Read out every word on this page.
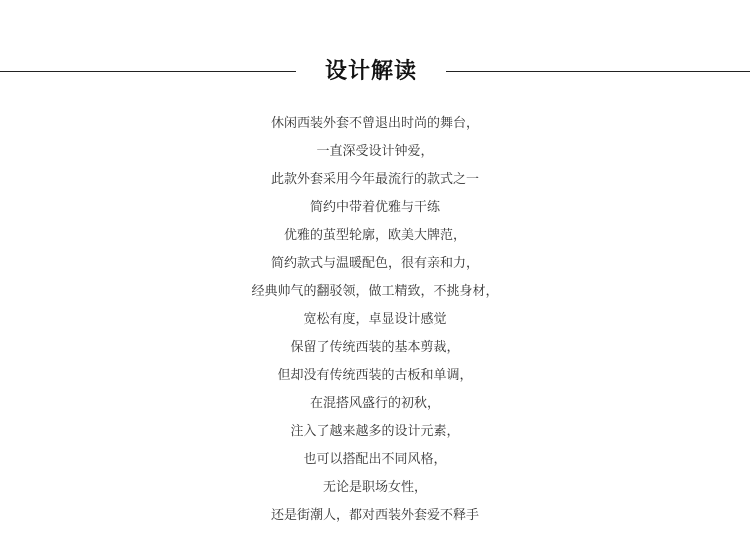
设计解读
休闲西装外套不曾退出时尚的舞台，
一直深受设计钟爱，
此款外套采用今年最流行的款式之一
简约中带着优雅与干练
优雅的茧型轮廓，欧美大牌范，
简约款式与温暖配色，很有亲和力，
经典帅气的翻驳领，做工精致，不挑身材，
宽松有度，卓显设计感觉
保留了传统西装的基本剪裁，
但却没有传统西装的古板和单调，
在混搭风盛行的初秋，
注入了越来越多的设计元素，
也可以搭配出不同风格，
无论是职场女性，
还是街潮人，都对西装外套爱不释手
